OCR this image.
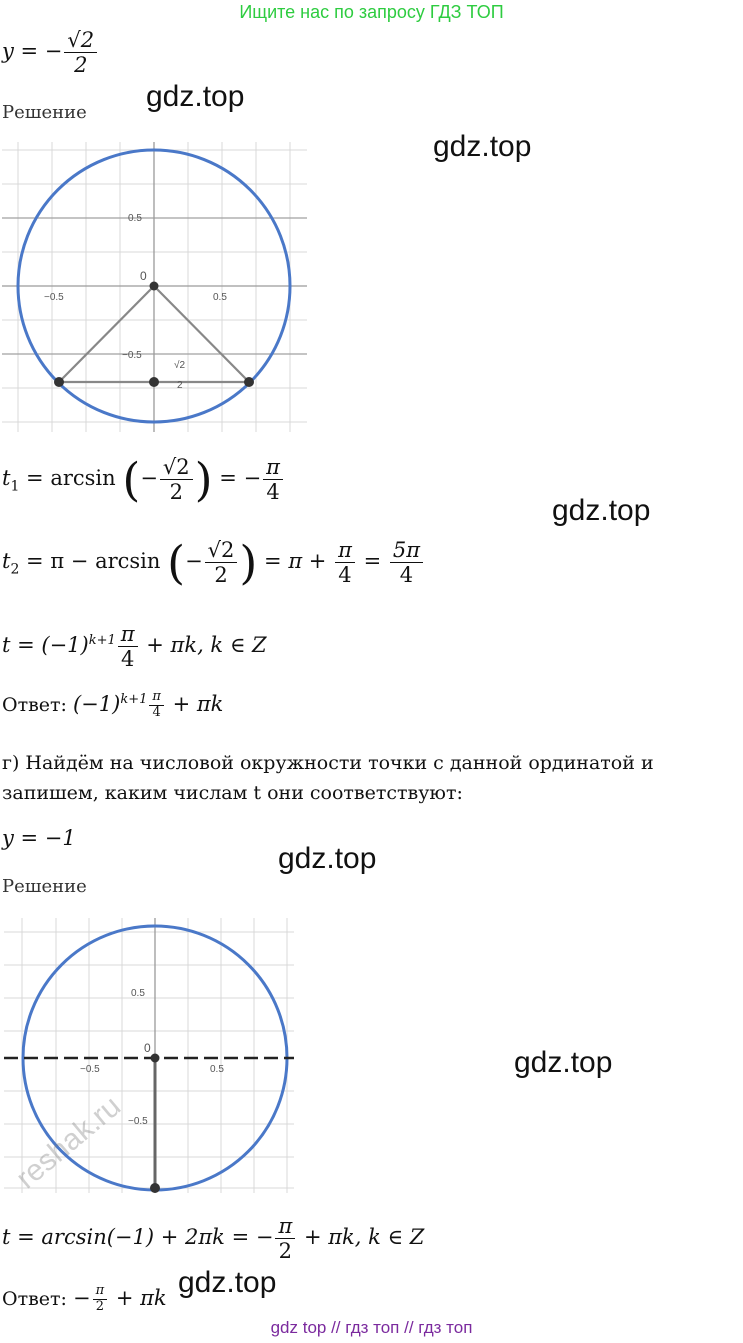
Ищите нас по запросу ГДЗ ТОП
y = − $\frac{√2}{2}$
Решение gdz.top
gdz.top
0.5
−0.5	0.5
0
−0.5
√2
2
$t_1 = \arcsin$ (− $\frac{√2}{2}$ ) = − $\frac{\pi}{4}$
gdz.top
$t_2 = \pi - \arcsin$ (− $\frac{√2}{2}$ ) = $\pi + \frac{\pi}{4} = \frac{5\pi}{4}$
$t = (-1)^{k+1} \frac{\pi}{4} + \pi k$, k ∈ Z
Ответ: $(-1)^{k+1} \frac{\pi}{4} + \pi k$
г) Найдём на числовой окружности точки с данной ординатой и запишем, каким числам t они соответствуют:
y = −1
gdz.top
Решение
0.5
−0.5
0
0.5
−0.5	gdz.top
reshak.ru
t = arcsin(−1) + 2πk = − $\frac{\pi}{2} + \pi k$, k ∈ Z
gdz.top
Ответ: − $\frac{\pi}{2} + \pi k$
gdz top // гдз топ // гдз топ
